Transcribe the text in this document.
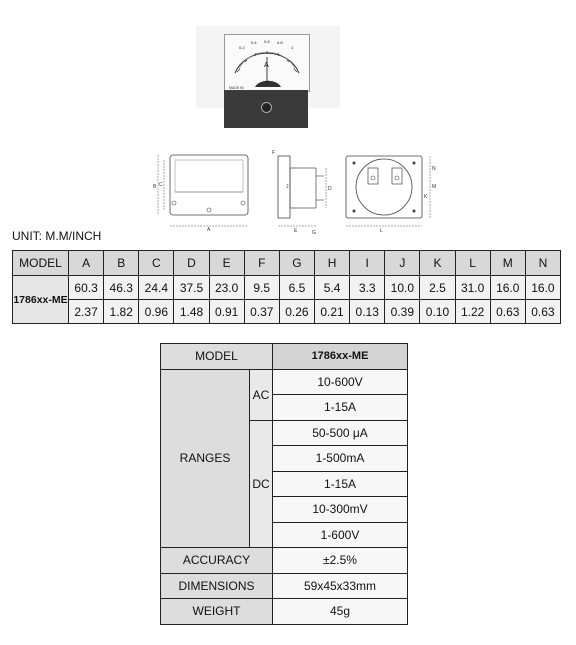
MADE IN
A
0.2
0.4 0.6 0.8
1
B C
A
D
E	G
J
F
L
M
N
K
UNIT: M.M/INCH
MODEL	A	B	C	D	E	F	G	H	I	J	K	L	M	N
1786xx-ME	60.3	46.3	24.4	37.5	23.0	9.5	6.5	5.4	3.3	10.0	2.5	31.0	16.0	16.0
	2.37	1.82	0.96	1.48	0.91	0.37	0.26	0.21	0.13	0.39	0.10	1.22	0.63	0.63
MODEL		1786xx-ME
RANGES	AC	10-600V
		1-15A
	DC	50-500 μA
		1-500mA
		1-15A
		10-300mV
		1-600V
ACCURACY		±2.5%
DIMENSIONS		59x45x33mm
WEIGHT		45g
